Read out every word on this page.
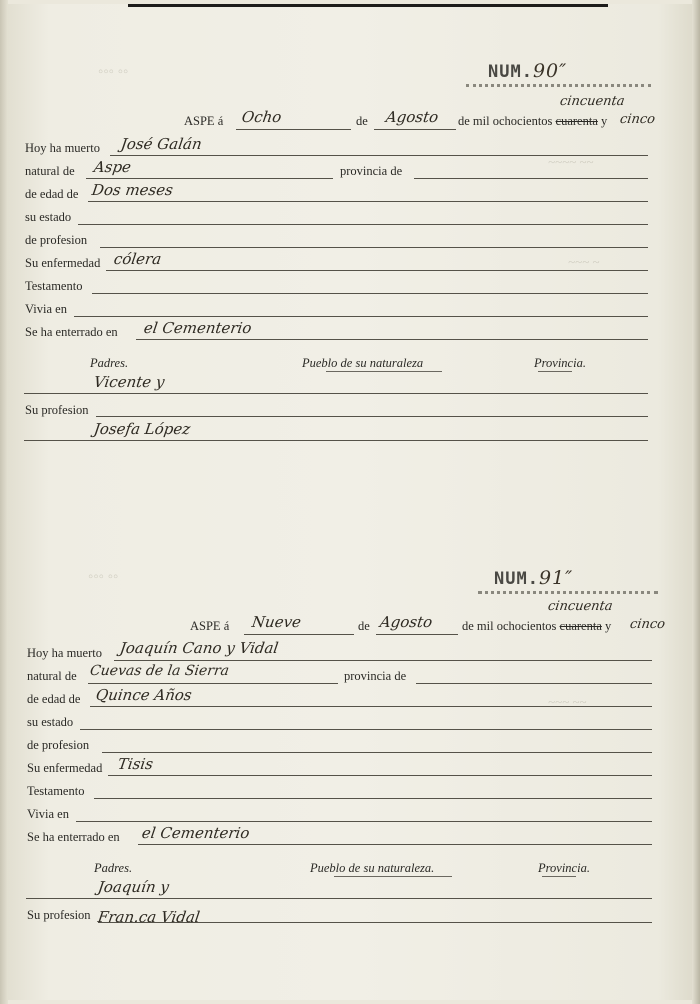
◦◦◦ ◦◦
~~~~ ~~
~~~ ~
◦◦◦ ◦◦
~~~ ~~
NUM.90″
ASPE á Ocho	de Agosto de mil ochocientos cuarenta y
cincuenta
cinco
Hoy ha muerto José Galán
natural de Aspe	provincia de
de edad de Dos meses
su estado
de profesion
Su enfermedad cólera
Testamento
Vivia en
Se ha enterrado en el Cementerio
Padres.	Pueblo de su naturaleza	Provincia.
Vicente y
Su profesion
Josefa López
NUM.91″
ASPE á Nueve	de Agosto de mil ochocientos cuarenta y
cincuenta
cinco
Hoy ha muerto Joaquín Cano y Vidal
natural de Cuevas de la Sierra	provincia de
de edad de Quince Años
su estado
de profesion
Su enfermedad Tisis
Testamento
Vivia en
Se ha enterrado en el Cementerio
Padres.	Pueblo de su naturaleza.	Provincia.
Joaquín y
Su profesion Fran.ca Vidal
